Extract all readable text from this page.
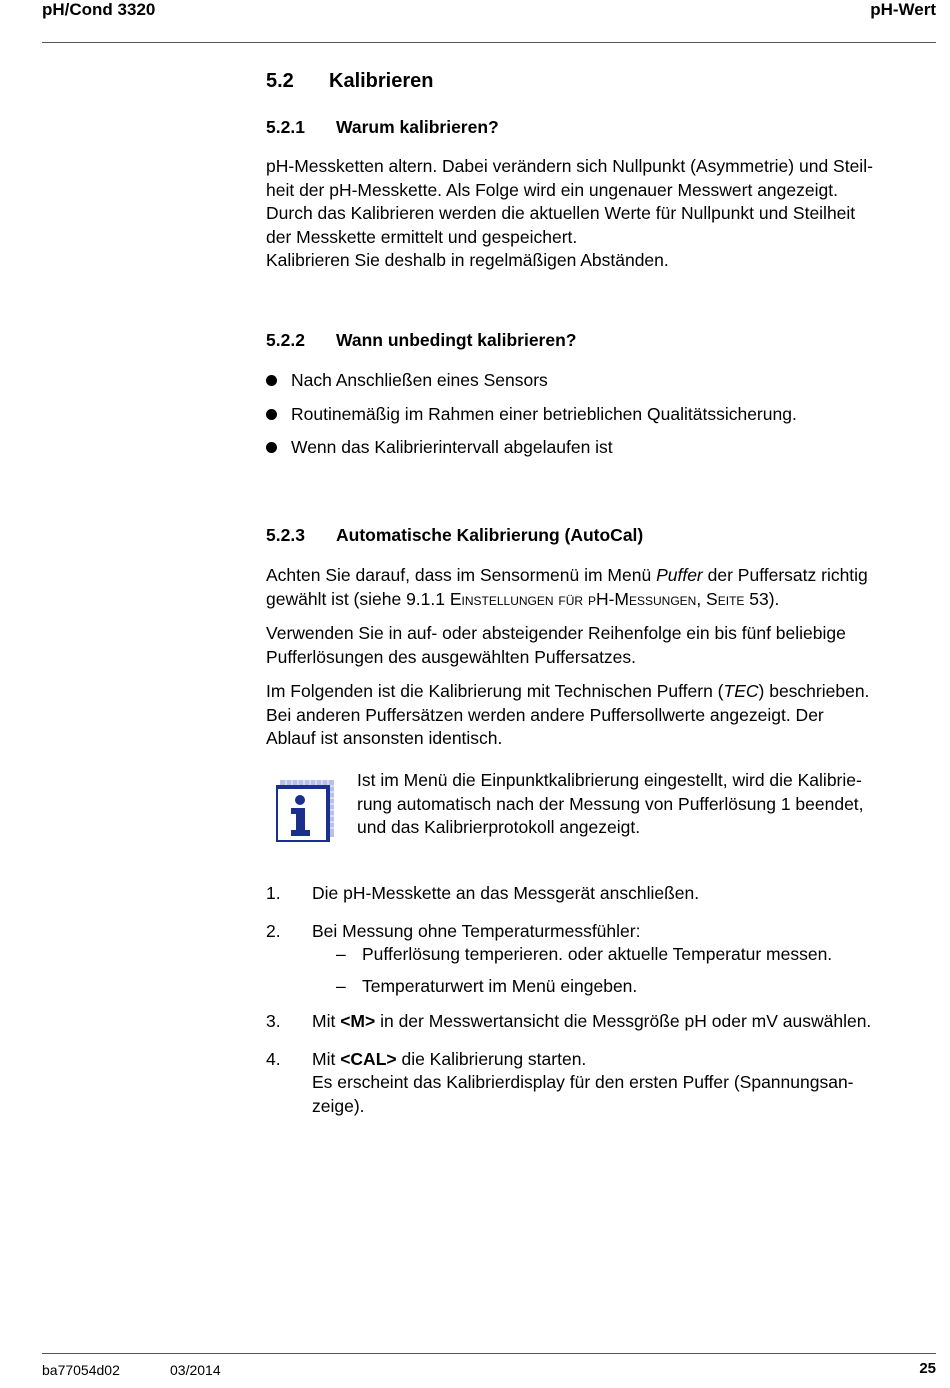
pH/Cond 3320	pH-Wert
5.2 Kalibrieren
5.2.1 Warum kalibrieren?
pH-Messketten altern. Dabei verändern sich Nullpunkt (Asymmetrie) und Steil-
heit der pH-Messkette. Als Folge wird ein ungenauer Messwert angezeigt.
Durch das Kalibrieren werden die aktuellen Werte für Nullpunkt und Steilheit
der Messkette ermittelt und gespeichert.
Kalibrieren Sie deshalb in regelmäßigen Abständen.
5.2.2 Wann unbedingt kalibrieren?
Nach Anschließen eines Sensors
Routinemäßig im Rahmen einer betrieblichen Qualitätssicherung.
Wenn das Kalibrierintervall abgelaufen ist
5.2.3 Automatische Kalibrierung (AutoCal)
Achten Sie darauf, dass im Sensormenü im Menü Puffer der Puffersatz richtig
gewählt ist (siehe 9.1.1 Einstellungen für pH-Messungen, Seite 53).
Verwenden Sie in auf- oder absteigender Reihenfolge ein bis fünf beliebige
Pufferlösungen des ausgewählten Puffersatzes.
Im Folgenden ist die Kalibrierung mit Technischen Puffern (TEC) beschrieben.
Bei anderen Puffersätzen werden andere Puffersollwerte angezeigt. Der
Ablauf ist ansonsten identisch.
1. Die pH-Messkette an das Messgerät anschließen.
2. Bei Messung ohne Temperaturmessfühler:
– Pufferlösung temperieren. oder aktuelle Temperatur messen.
– Temperaturwert im Menü eingeben.
3. Mit <M> in der Messwertansicht die Messgröße pH oder mV auswählen.
4. Mit <CAL> die Kalibrierung starten.
Es erscheint das Kalibrierdisplay für den ersten Puffer (Spannungsan-
zeige).
Ist im Menü die Einpunktkalibrierung eingestellt, wird die Kalibrie-
rung automatisch nach der Messung von Pufferlösung 1 beendet,
und das Kalibrierprotokoll angezeigt.
ba77054d02	03/2014	25
